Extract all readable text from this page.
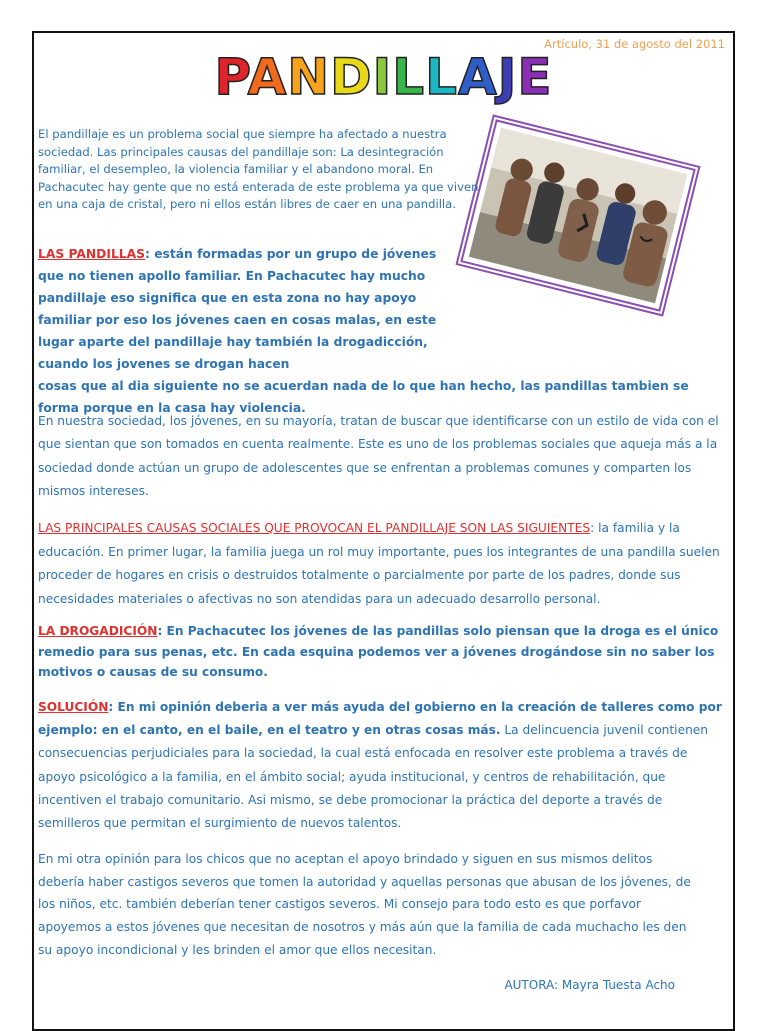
Artículo, 31 de agosto del 2011

PANDILLAJE

El pandillaje es un problema social que siempre ha afectado a nuestra sociedad. Las principales causas del pandillaje son: La desintegración familiar, el desempleo, la violencia familiar y el abandono moral. En Pachacutec hay gente que no está enterada de este problema ya que viven en una caja de cristal, pero ni ellos están libres de caer en una pandilla.

LAS PANDILLAS: están formadas por un grupo de jóvenes que no tienen apollo familiar. En Pachacutec hay mucho pandillaje eso significa que en esta zona no hay apoyo familiar por eso los jóvenes caen en cosas malas, en este lugar aparte del pandillaje hay también la drogadicción, cuando los jovenes se drogan hacen
cosas que al dia siguiente no se acuerdan nada de lo que han hecho, las pandillas tambien se forma porque en la casa hay violencia.

En nuestra sociedad, los jóvenes, en su mayoría, tratan de buscar que identificarse con un estilo de vida con el que sientan que son tomados en cuenta realmente. Este es uno de los problemas sociales que aqueja más a la sociedad donde actúan un grupo de adolescentes que se enfrentan a problemas comunes y comparten los mismos intereses.

LAS PRINCIPALES CAUSAS SOCIALES QUE PROVOCAN EL PANDILLAJE SON LAS SIGUIENTES: la familia y la educación. En primer lugar, la familia juega un rol muy importante, pues los integrantes de una pandilla suelen proceder de hogares en crisis o destruidos totalmente o parcialmente por parte de los padres, donde sus necesidades materiales o afectivas no son atendidas para un adecuado desarrollo personal.

LA DROGADICIÓN: En Pachacutec los jóvenes de las pandillas solo piensan que la droga es el único remedio para sus penas, etc. En cada esquina podemos ver a jóvenes drogándose sin no saber los motivos o causas de su consumo.

SOLUCIÓN: En mi opinión deberia a ver más ayuda del gobierno en la creación de talleres como por ejemplo: en el canto, en el baile, en el teatro y en otras cosas más. La delincuencia juvenil contienen consecuencias perjudiciales para la sociedad, la cual está enfocada en resolver este problema a través de apoyo psicológico a la familia, en el ámbito social; ayuda institucional, y centros de rehabilitación, que incentiven el trabajo comunitario. Asi mismo, se debe promocionar la práctica del deporte a través de semilleros que permitan el surgimiento de nuevos talentos.

En mi otra opinión para los chicos que no aceptan el apoyo brindado y siguen en sus mismos delitos debería haber castigos severos que tomen la autoridad y aquellas personas que abusan de los jóvenes, de los niños, etc. también deberían tener castigos severos. Mi consejo para todo esto es que porfavor apoyemos a estos jóvenes que necesitan de nosotros y más aún que la familia de cada muchacho les den su apoyo incondicional y les brinden el amor que ellos necesitan.

AUTORA: Mayra Tuesta Acho
